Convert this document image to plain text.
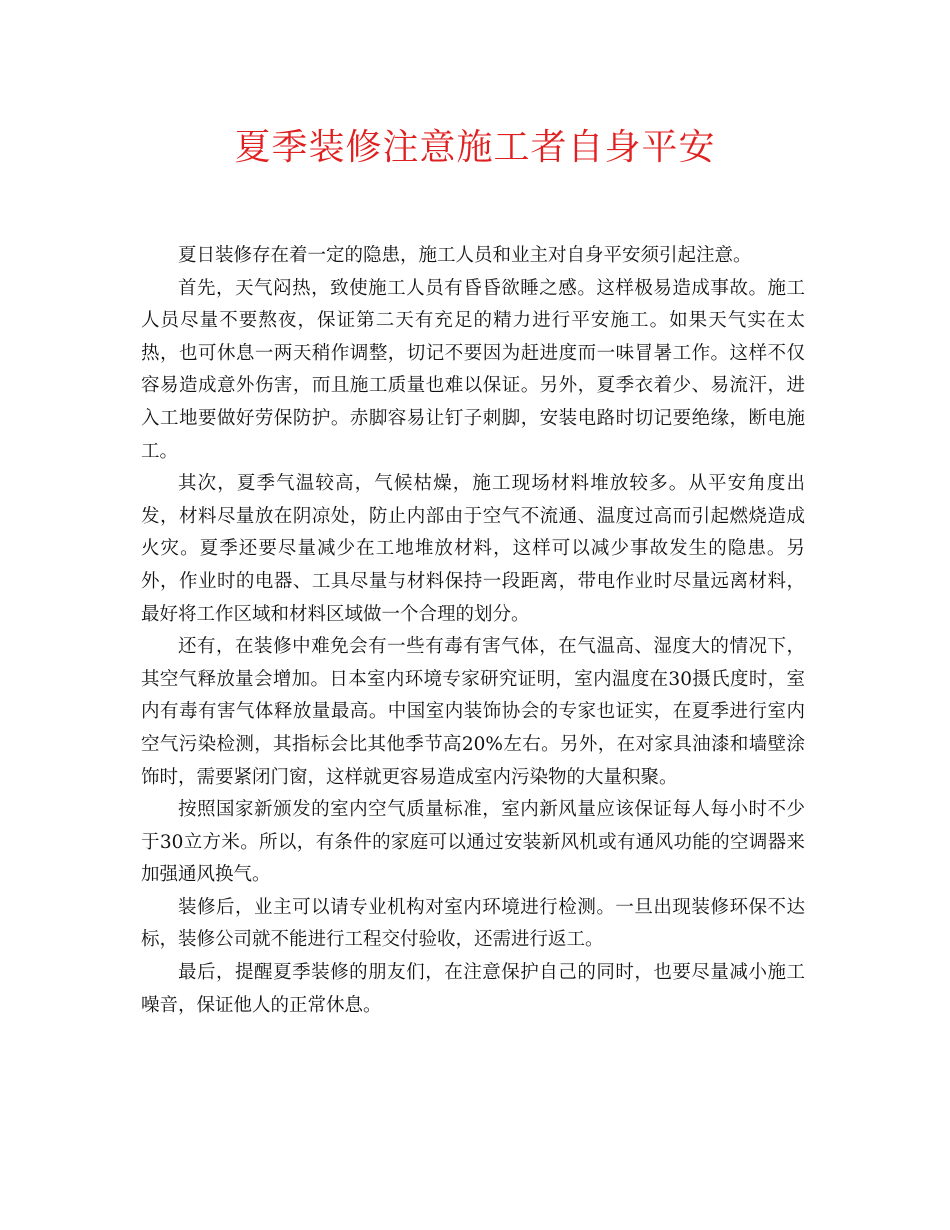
夏季装修注意施工者自身平安

夏日装修存在着一定的隐患，施工人员和业主对自身平安须引起注意。

首先，天气闷热，致使施工人员有昏昏欲睡之感。这样极易造成事故。施工人员尽量不要熬夜，保证第二天有充足的精力进行平安施工。如果天气实在太热，也可休息一两天稍作调整，切记不要因为赶进度而一味冒暑工作。这样不仅容易造成意外伤害，而且施工质量也难以保证。另外，夏季衣着少、易流汗，进入工地要做好劳保防护。赤脚容易让钉子刺脚，安装电路时切记要绝缘，断电施工。

其次，夏季气温较高，气候枯燥，施工现场材料堆放较多。从平安角度出发，材料尽量放在阴凉处，防止内部由于空气不流通、温度过高而引起燃烧造成火灾。夏季还要尽量减少在工地堆放材料，这样可以减少事故发生的隐患。另外，作业时的电器、工具尽量与材料保持一段距离，带电作业时尽量远离材料，最好将工作区域和材料区域做一个合理的划分。

还有，在装修中难免会有一些有毒有害气体，在气温高、湿度大的情况下，其空气释放量会增加。日本室内环境专家研究证明，室内温度在30摄氏度时，室内有毒有害气体释放量最高。中国室内装饰协会的专家也证实，在夏季进行室内空气污染检测，其指标会比其他季节高20%左右。另外，在对家具油漆和墙壁涂饰时，需要紧闭门窗，这样就更容易造成室内污染物的大量积聚。

按照国家新颁发的室内空气质量标准，室内新风量应该保证每人每小时不少于30立方米。所以，有条件的家庭可以通过安装新风机或有通风功能的空调器来加强通风换气。

装修后，业主可以请专业机构对室内环境进行检测。一旦出现装修环保不达标，装修公司就不能进行工程交付验收，还需进行返工。

最后，提醒夏季装修的朋友们，在注意保护自己的同时，也要尽量减小施工噪音，保证他人的正常休息。
